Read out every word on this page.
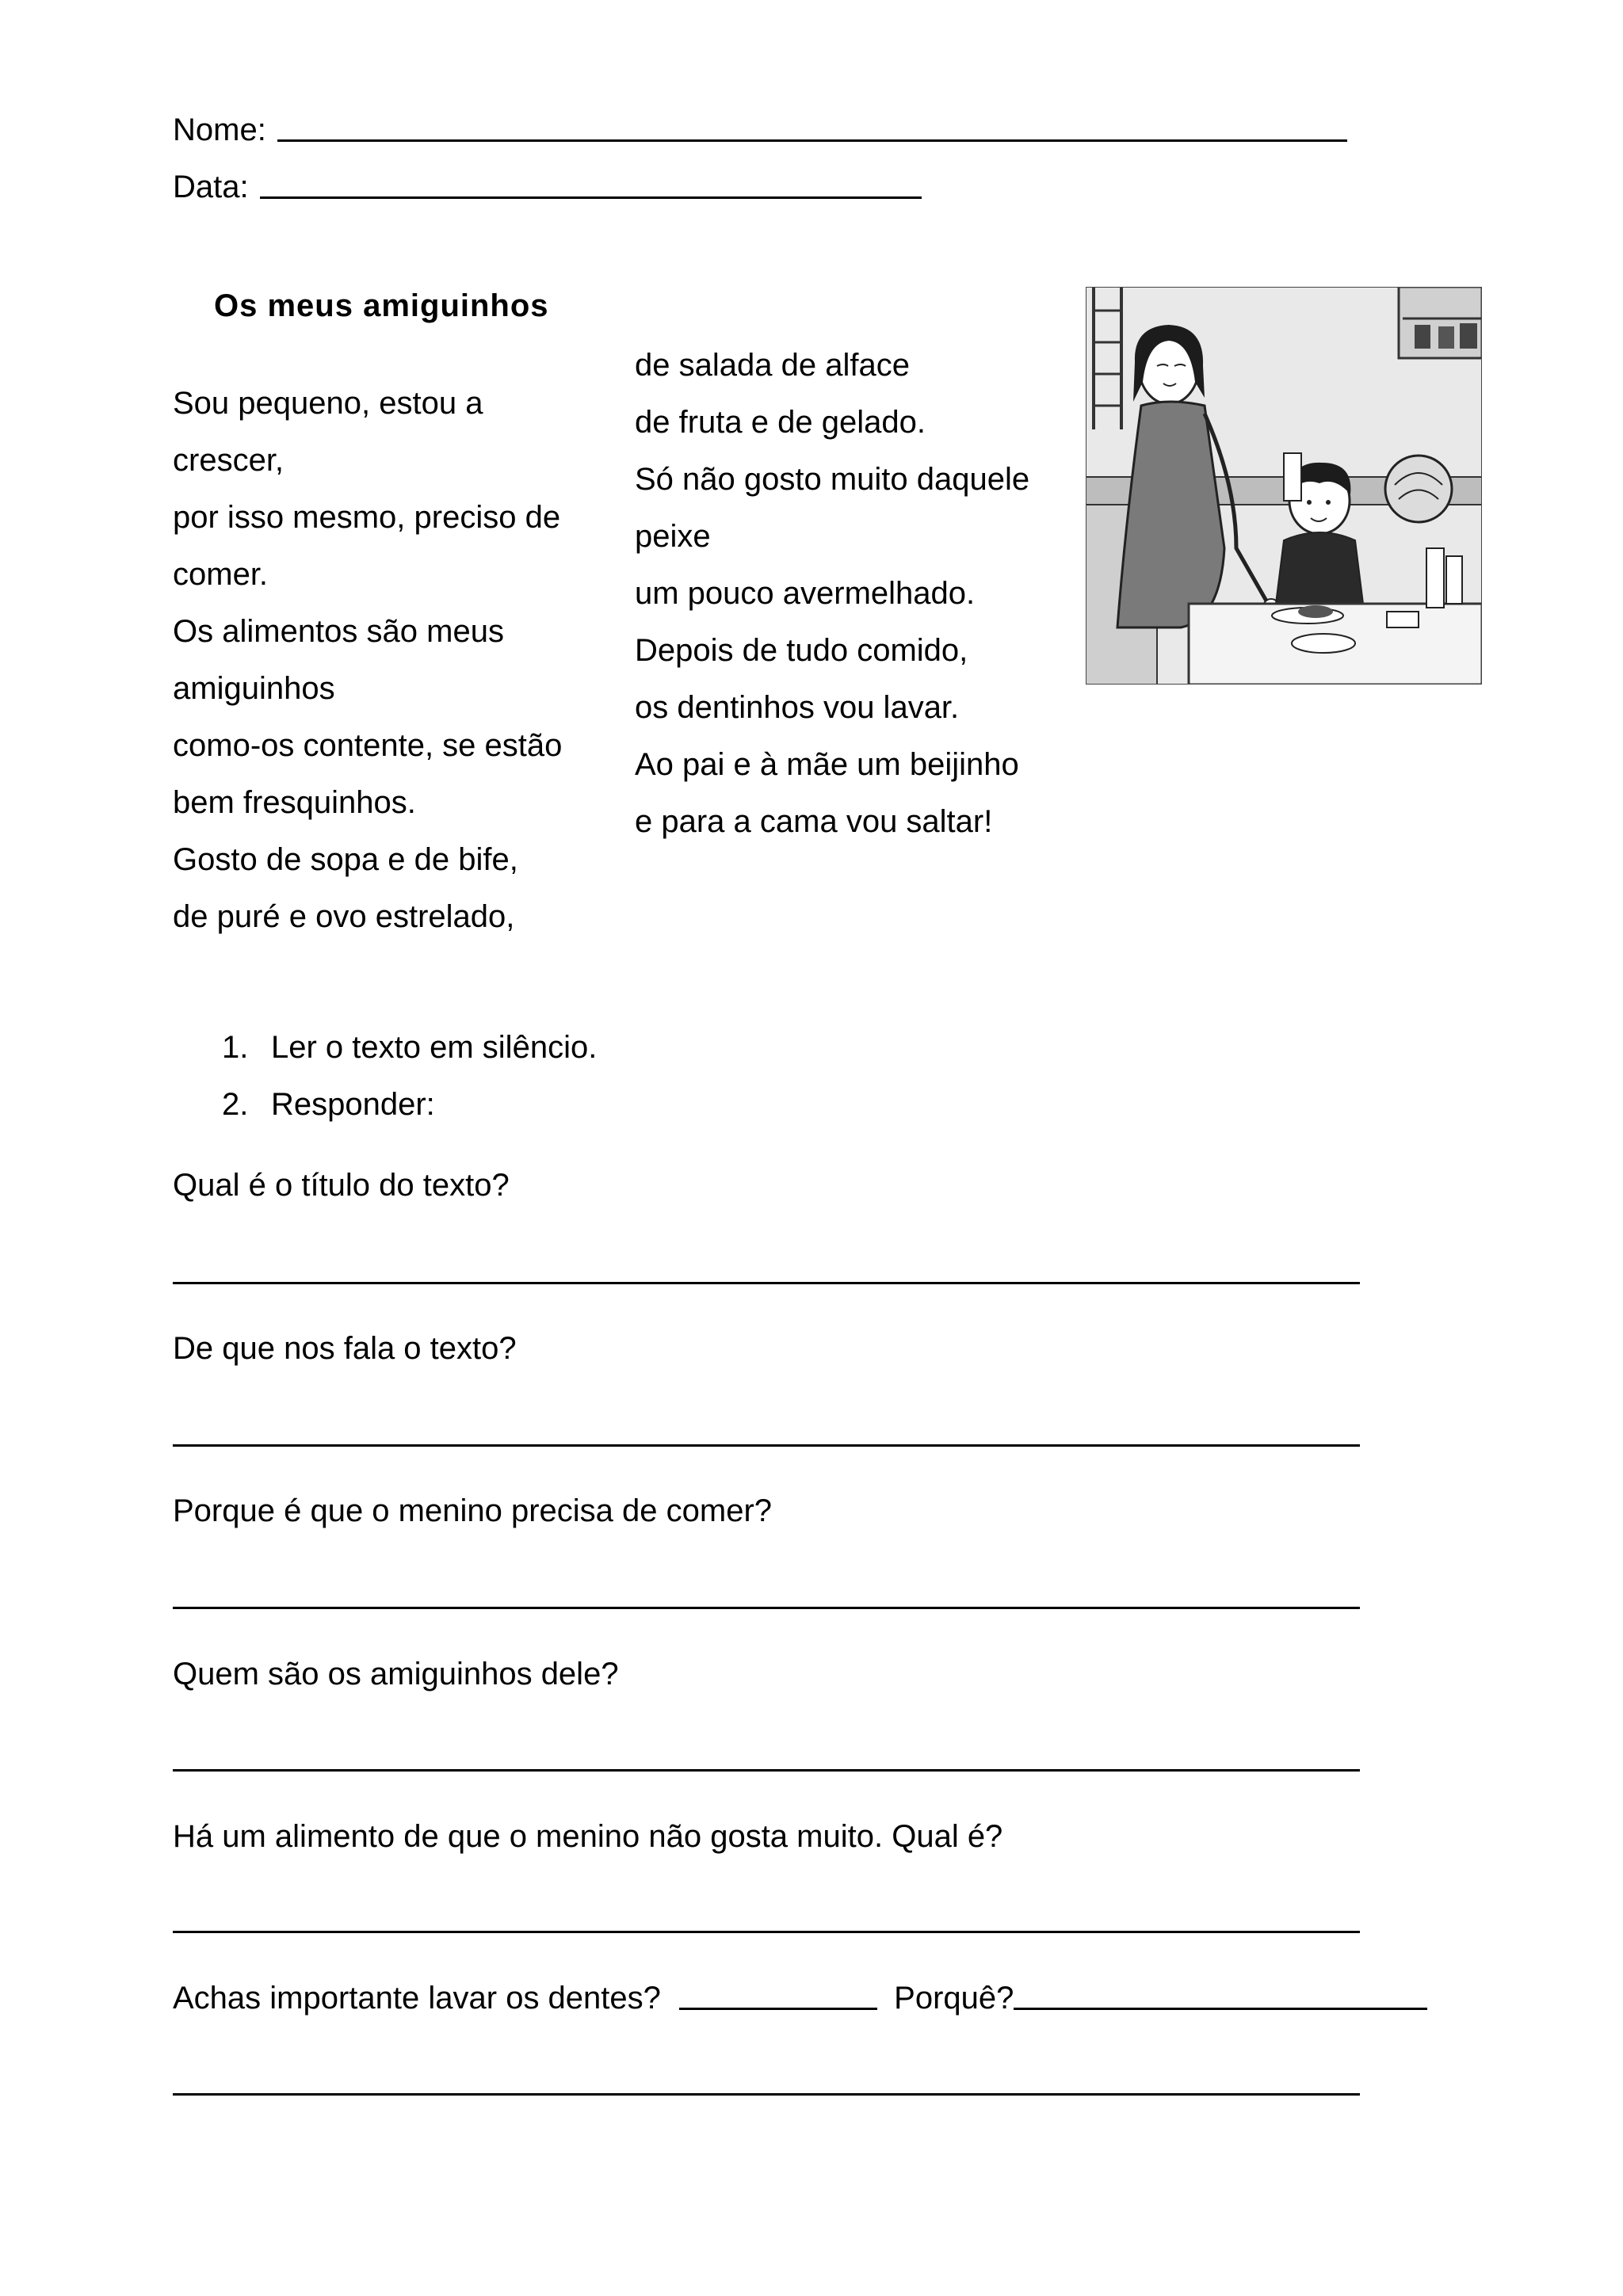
Nome:
Data:
Os meus amiguinhos
Sou pequeno, estou a
crescer,
por isso mesmo, preciso de
comer.
Os alimentos são meus
amiguinhos
como-os contente, se estão
bem fresquinhos.
Gosto de sopa e de bife,
de puré e ovo estrelado,
de salada de alface
de fruta e de gelado.
Só não gosto muito daquele
peixe
um pouco avermelhado.
Depois de tudo comido,
os dentinhos vou lavar.
Ao pai e à mãe um beijinho
e para a cama vou saltar!
1. Ler o texto em silêncio.
2. Responder:
Qual é o título do texto?
De que nos fala o texto?
Porque é que o menino precisa de comer?
Quem são os amiguinhos dele?
Há um alimento de que o menino não gosta muito. Qual é?
Achas importante lavar os dentes?	Porquê?
